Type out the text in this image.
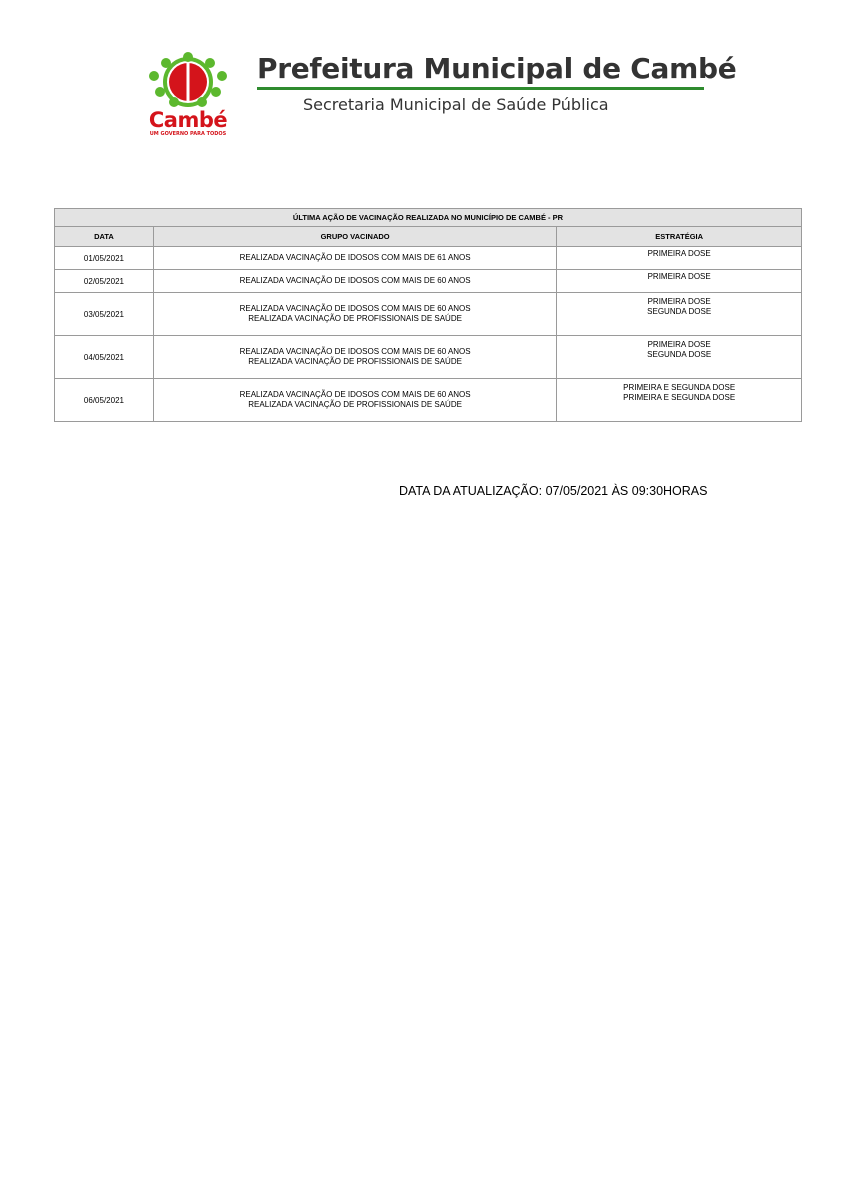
Cambé
UM GOVERNO PARA TODOS
Prefeitura Municipal de Cambé
Secretaria Municipal de Saúde Pública
ÚLTIMA AÇÃO DE VACINAÇÃO REALIZADA NO MUNICÍPIO DE CAMBÉ - PR		
DATA	GRUPO VACINADO	ESTRATÉGIA
01/05/2021	REALIZADA VACINAÇÃO DE IDOSOS COM MAIS DE 61 ANOS	PRIMEIRA DOSE

02/05/2021	REALIZADA VACINAÇÃO DE IDOSOS COM MAIS DE 60 ANOS	PRIMEIRA DOSE

03/05/2021	REALIZADA VACINAÇÃO DE IDOSOS COM MAIS DE 60 ANOS
REALIZADA VACINAÇÃO DE PROFISSIONAIS DE SAÚDE	PRIMEIRA DOSE
SEGUNDA DOSE

04/05/2021	REALIZADA VACINAÇÃO DE IDOSOS COM MAIS DE 60 ANOS
REALIZADA VACINAÇÃO DE PROFISSIONAIS DE SAÚDE	PRIMEIRA DOSE
SEGUNDA DOSE

06/05/2021	REALIZADA VACINAÇÃO DE IDOSOS COM MAIS DE 60 ANOS
REALIZADA VACINAÇÃO DE PROFISSIONAIS DE SAÚDE	PRIMEIRA E SEGUNDA DOSE
PRIMEIRA E SEGUNDA DOSE
DATA DA ATUALIZAÇÃO: 07/05/2021 ÀS 09:30HORAS
